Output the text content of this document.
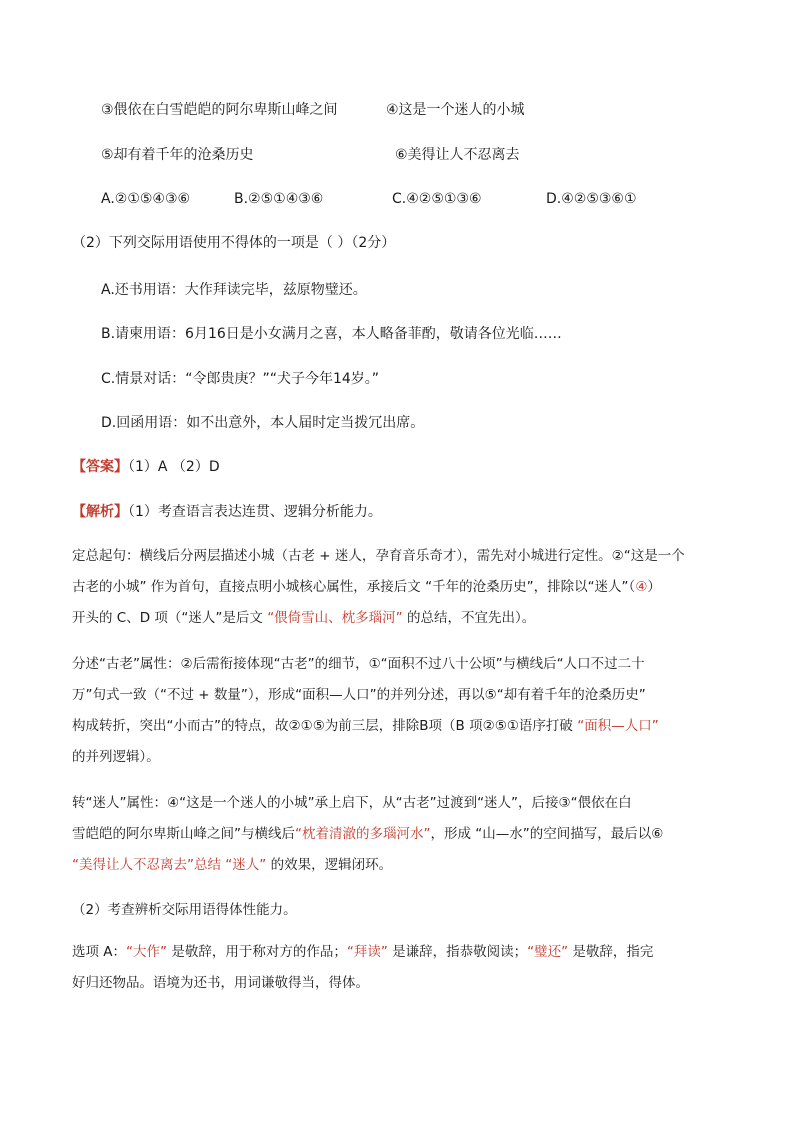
③偎依在白雪皑皑的阿尔卑斯山峰之间	④这是一个迷人的小城
⑤却有着千年的沧桑历史	⑥美得让人不忍离去
A.②①⑤④③⑥	B.②⑤①④③⑥	C.④②⑤①③⑥	D.④②⑤③⑥①
（2）下列交际用语使用不得体的一项是（ ）（2分）
A.还书用语：大作拜读完毕，兹原物璧还。
B.请柬用语：6月16日是小女满月之喜，本人略备菲酌，敬请各位光临……
C.情景对话：“令郎贵庚？”“犬子今年14岁。”
D.回函用语：如不出意外，本人届时定当拨冗出席。
【答案】（1）A （2）D
【解析】（1）考查语言表达连贯、逻辑分析能力。
定总起句：横线后分两层描述小城（古老 + 迷人，孕育音乐奇才），需先对小城进行定性。②“这是一个
古老的小城” 作为首句，直接点明小城核心属性，承接后文 “千年的沧桑历史”，排除以“迷人”（④）
开头的 C、D 项（“迷人”是后文 “偎倚雪山、枕多瑙河” 的总结，不宜先出）。
分述“古老”属性：②后需衔接体现“古老”的细节，①“面积不过八十公顷”与横线后“人口不过二十
万”句式一致（“不过 + 数量”），形成“面积—人口”的并列分述，再以⑤“却有着千年的沧桑历史”
构成转折，突出“小而古”的特点，故②①⑤为前三层，排除B项（B 项②⑤①语序打破 “面积—人口”
的并列逻辑）。
转“迷人”属性：④“这是一个迷人的小城”承上启下，从“古老”过渡到“迷人”，后接③“偎依在白
雪皑皑的阿尔卑斯山峰之间”与横线后“枕着清澈的多瑙河水”，形成 “山—水”的空间描写，最后以⑥
“美得让人不忍离去”总结 “迷人” 的效果，逻辑闭环。
（2）考查辨析交际用语得体性能力。
选项 A：“大作” 是敬辞，用于称对方的作品；“拜读” 是谦辞，指恭敬阅读；“璧还” 是敬辞，指完
好归还物品。语境为还书，用词谦敬得当，得体。
